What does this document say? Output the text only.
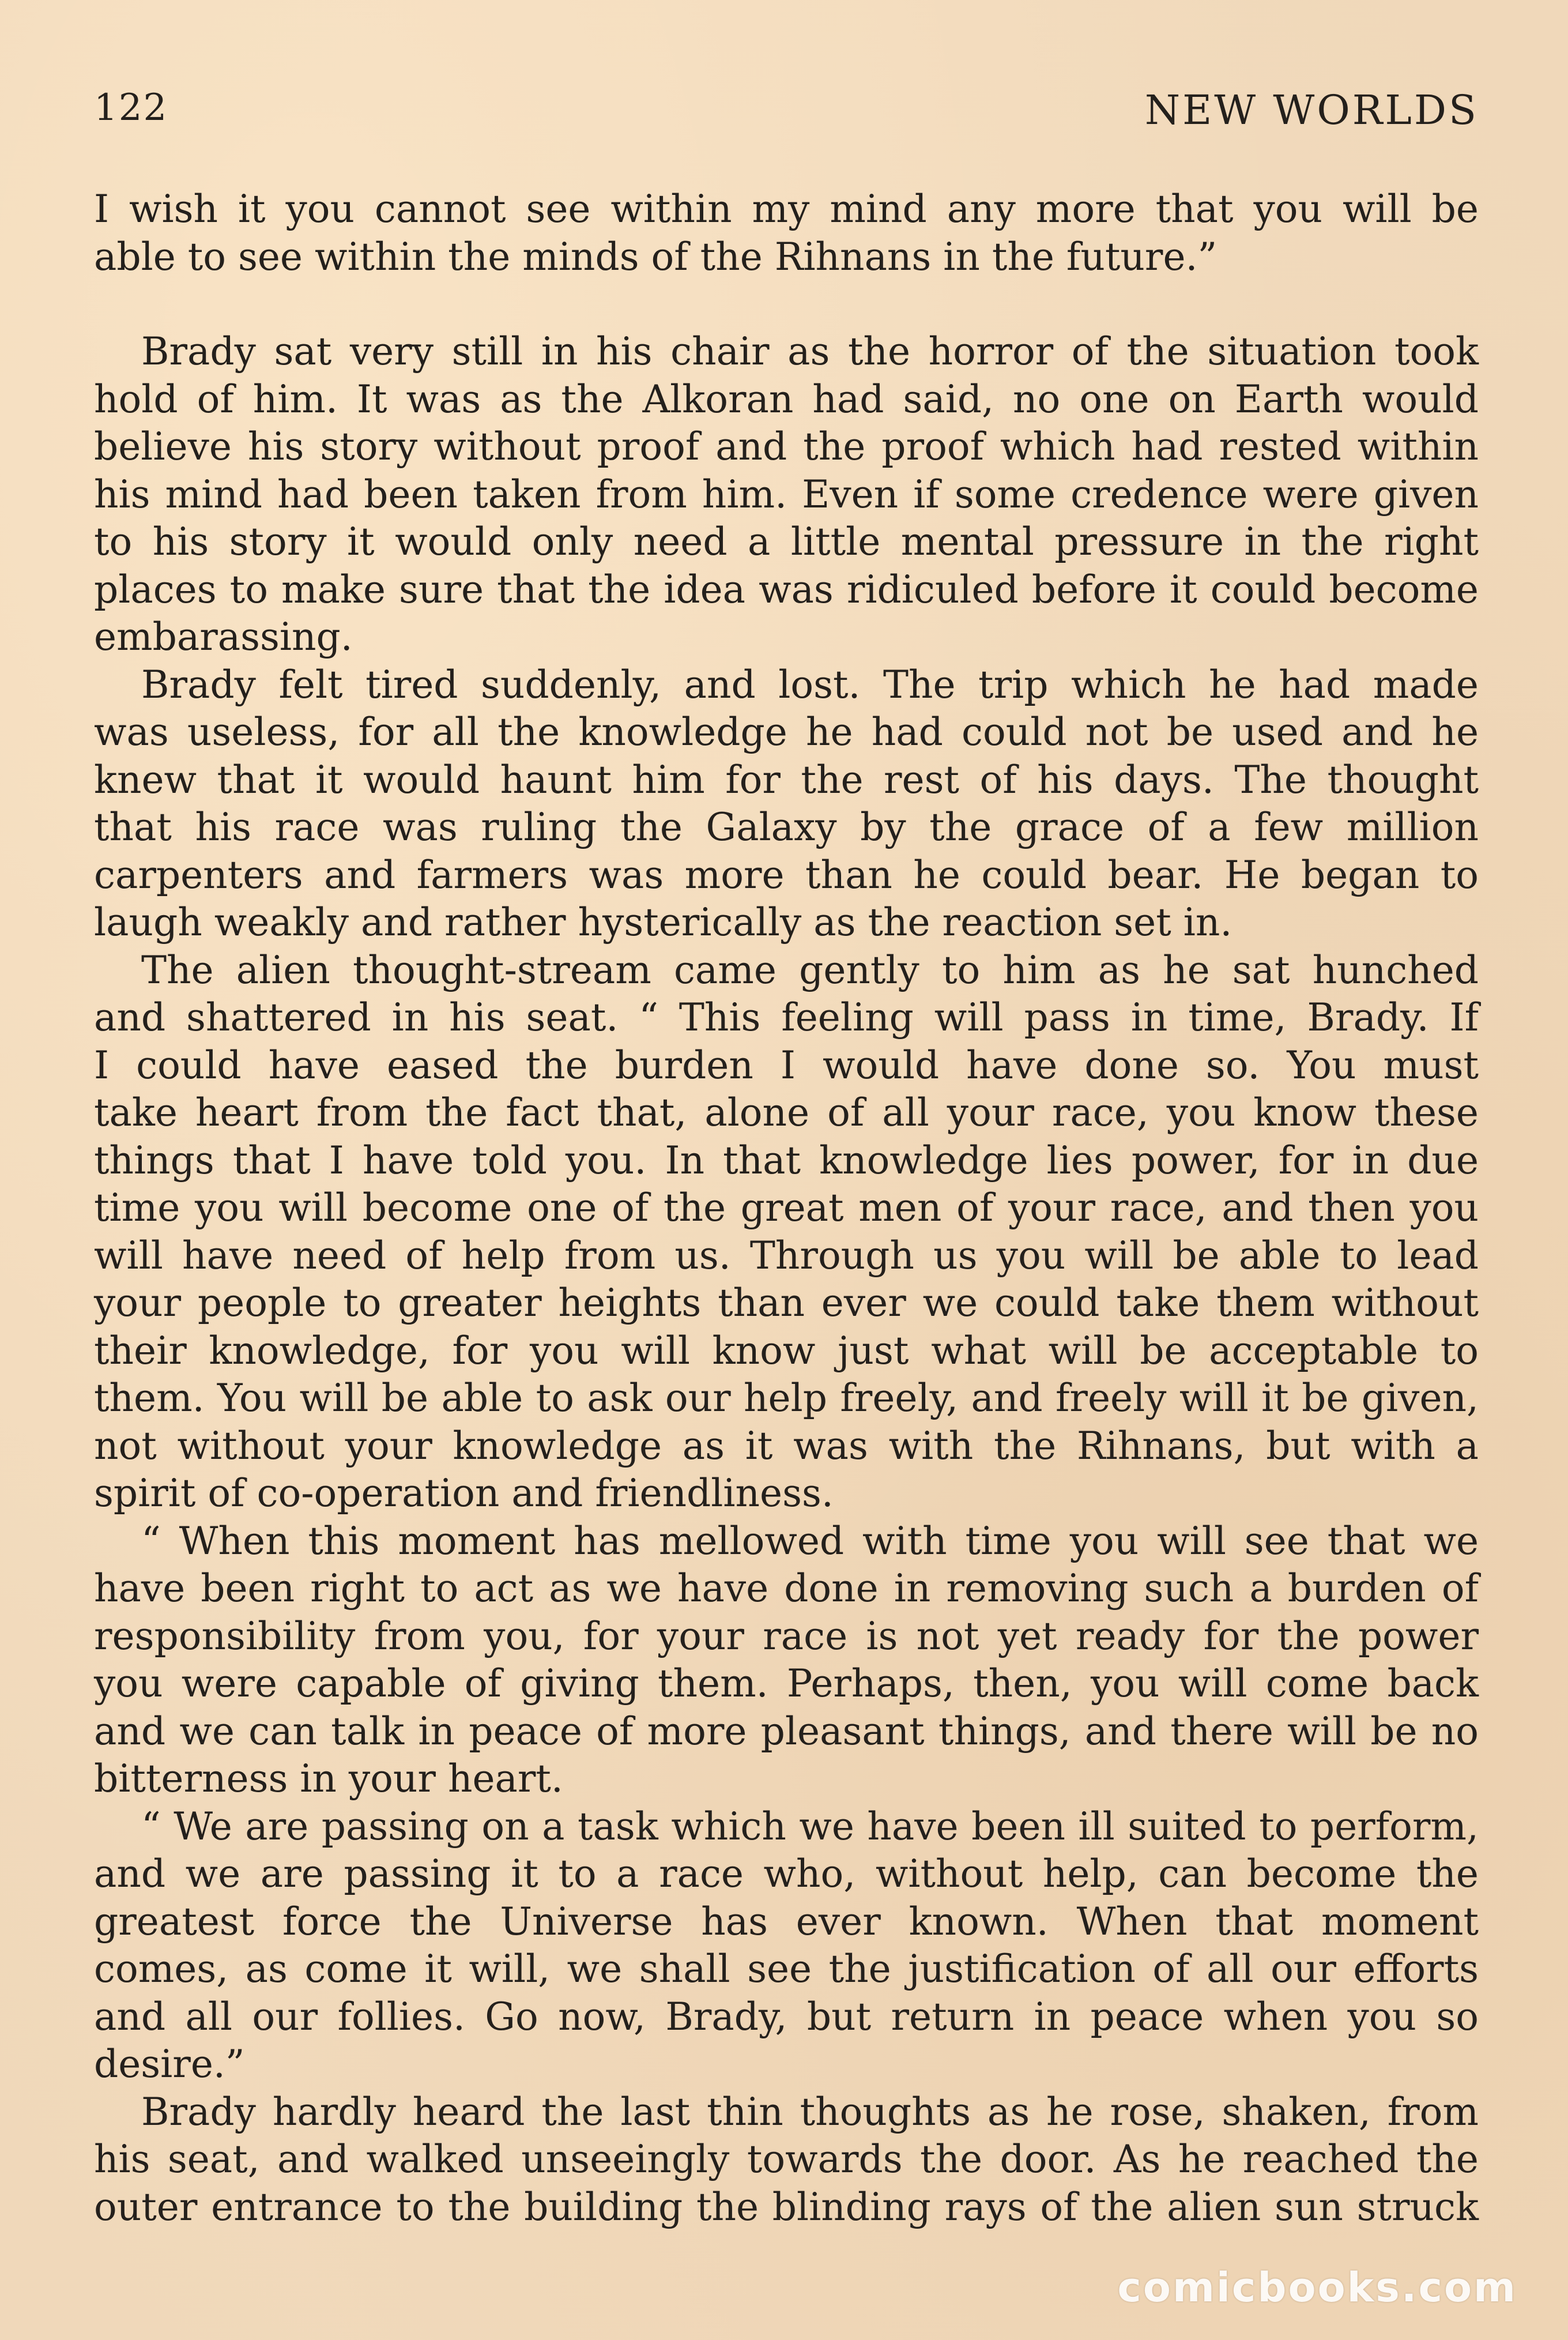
122	NEW WORLDS
I wish it you cannot see within my mind any more that you will be
able to see within the minds of the Rihnans in the future.”
Brady sat very still in his chair as the horror of the situation took
hold of him. It was as the Alkoran had said, no one on Earth would
believe his story without proof and the proof which had rested within
his mind had been taken from him. Even if some credence were given
to his story it would only need a little mental pressure in the right
places to make sure that the idea was ridiculed before it could become
embarassing.
Brady felt tired suddenly, and lost. The trip which he had made
was useless, for all the knowledge he had could not be used and he
knew that it would haunt him for the rest of his days. The thought
that his race was ruling the Galaxy by the grace of a few million
carpenters and farmers was more than he could bear. He began to
laugh weakly and rather hysterically as the reaction set in.
The alien thought-stream came gently to him as he sat hunched
and shattered in his seat. “ This feeling will pass in time, Brady. If
I could have eased the burden I would have done so. You must
take heart from the fact that, alone of all your race, you know these
things that I have told you. In that knowledge lies power, for in due
time you will become one of the great men of your race, and then you
will have need of help from us. Through us you will be able to lead
your people to greater heights than ever we could take them without
their knowledge, for you will know just what will be acceptable to
them. You will be able to ask our help freely, and freely will it be given,
not without your knowledge as it was with the Rihnans, but with a
spirit of co-operation and friendliness.
“ When this moment has mellowed with time you will see that we
have been right to act as we have done in removing such a burden of
responsibility from you, for your race is not yet ready for the power
you were capable of giving them. Perhaps, then, you will come back
and we can talk in peace of more pleasant things, and there will be no
bitterness in your heart.
“ We are passing on a task which we have been ill suited to perform,
and we are passing it to a race who, without help, can become the
greatest force the Universe has ever known. When that moment
comes, as come it will, we shall see the justification of all our efforts
and all our follies. Go now, Brady, but return in peace when you so
desire.”
Brady hardly heard the last thin thoughts as he rose, shaken, from
his seat, and walked unseeingly towards the door. As he reached the
outer entrance to the building the blinding rays of the alien sun struck
comicbooks.com
